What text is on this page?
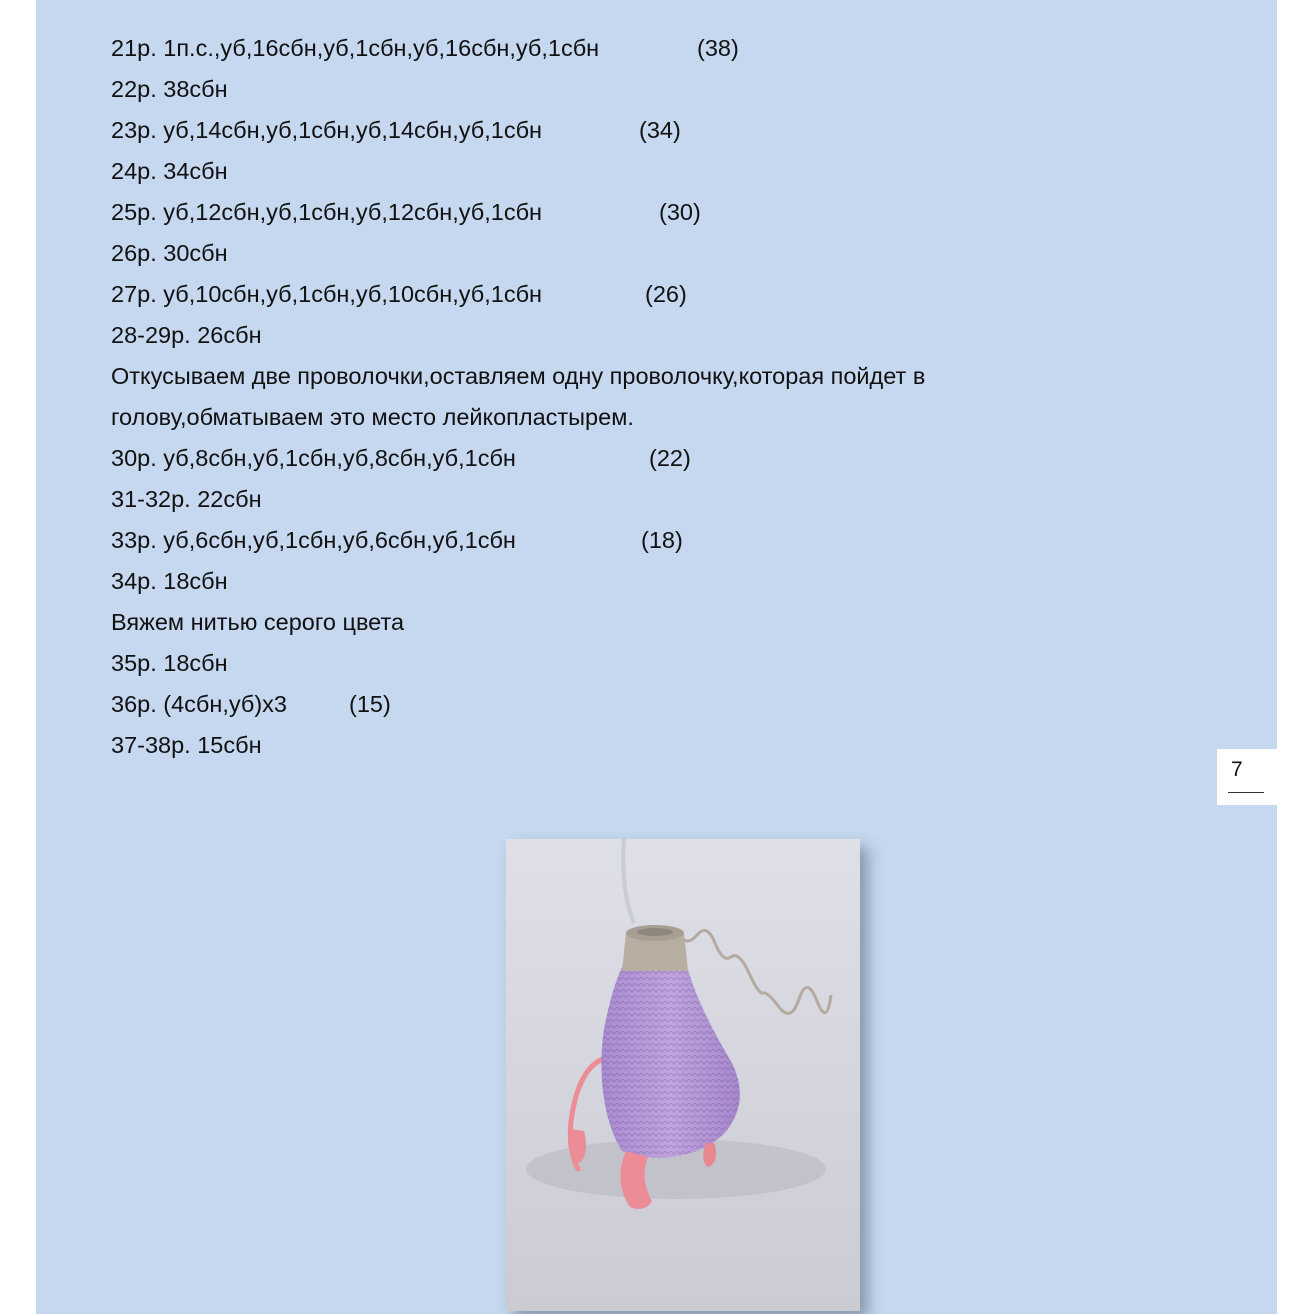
21р. 1п.с.,уб,16сбн,уб,1сбн,уб,16сбн,уб,1сбн	(38)
22р. 38сбн
23р. уб,14сбн,уб,1сбн,уб,14сбн,уб,1сбн	(34)
24р. 34сбн
25р. уб,12сбн,уб,1сбн,уб,12сбн,уб,1сбн	(30)
26р. 30сбн
27р. уб,10сбн,уб,1сбн,уб,10сбн,уб,1сбн	(26)
28-29р. 26сбн
Откусываем две проволочки,оставляем одну проволочку,которая пойдет в
голову,обматываем это место лейкопластырем.
30р. уб,8сбн,уб,1сбн,уб,8сбн,уб,1сбн	(22)
31-32р. 22сбн
33р. уб,6сбн,уб,1сбн,уб,6сбн,уб,1сбн	(18)
34р. 18сбн
Вяжем нитью серого цвета
35р. 18сбн
36р. (4сбн,уб)х3	(15)
37-38р. 15сбн
7
